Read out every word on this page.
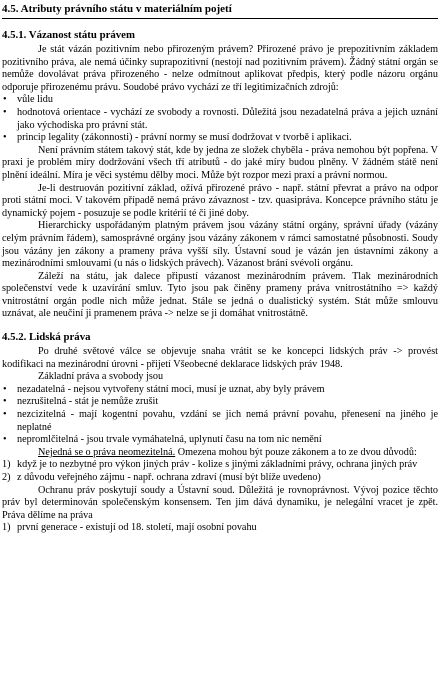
4.5. Atributy právního státu v materiálním pojetí
4.5.1. Vázanost státu právem

Je stát vázán pozitivním nebo přirozeným právem? Přirozené právo je prepozitivním základem pozitivního práva, ale nemá účinky suprapozitivní (nestojí nad pozitivním právem). Žádný státní orgán se nemůže dovolávat práva přirozeného - nelze odmítnout aplikovat předpis, který podle názoru orgánu odporuje přirozenému právu. Soudobé právo vychází ze tří legitimizačních zdrojů:

• vůle lidu
• hodnotová orientace - vychází ze svobody a rovnosti. Důležitá jsou nezadatelná práva a jejich uznání jako východiska pro právní stát.
• princip legality (zákonnosti) - právní normy se musí dodržovat v tvorbě i aplikaci.

Není právním státem takový stát, kde by jedna ze složek chyběla - práva nemohou být popřena. V praxi je problém míry dodržování všech tří atributů - do jaké míry budou plněny. V žádném státě není plnění ideální. Míra je věci systému dělby moci. Může být rozpor mezi praxí a právní normou.

Je-li destruován pozitivní základ, ožívá přirozené právo - např. státní převrat a právo na odpor proti státní moci. V takovém případě nemá právo závaznost - tzv. quasipráva. Koncepce právního státu je dynamický pojem - posuzuje se podle kritérií té či jiné doby.

Hierarchicky uspořádaným platným právem jsou vázány státní orgány, správní úřady (vázány celým právním řádem), samosprávné orgány jsou vázány zákonem v rámci samostatné působnosti. Soudy jsou vázány jen zákony a prameny práva vyšší síly. Ústavní soud je vázán jen ústavními zákony a mezinárodními smlouvami (u nás o lidských právech). Vázanost brání svévoli orgánu.

Záleží na státu, jak dalece připustí vázanost mezinárodním právem. Tlak mezinárodních společenství vede k uzavírání smluv. Tyto jsou pak činěny prameny práva vnitrostátního => každý vnitrostátní orgán podle nich může jednat. Stále se jedná o dualistický systém. Stát může smlouvu uznávat, ale neučiní ji pramenem práva -> nelze se ji domáhat vnitrostátně.

4.5.2. Lidská práva

Po druhé světové válce se objevuje snaha vrátit se ke koncepci lidských práv -> provést kodifikaci na mezinárodní úrovni - přijetí Všeobecné deklarace lidských práv 1948.

Základní práva a svobody jsou

• nezadatelná - nejsou vytvořeny státní moci, musí je uznat, aby byly právem
• nezrušitelná - stát je nemůže zrušit
• nezcizitelná - mají kogentní povahu, vzdání se jich nemá právní povahu, přenesení na jiného je neplatné
• nepromlčitelná - jsou trvale vymáhatelná, uplynutí času na tom nic nemění

Nejedná se o práva neomezitelná. Omezena mohou být pouze zákonem a to ze dvou důvodů:

1) když je to nezbytné pro výkon jiných práv - kolize s jinými základními právy, ochrana jiných práv
2) z důvodu veřejného zájmu - např. ochrana zdraví (musí být blíže uvedeno)

Ochranu práv poskytují soudy a Ústavní soud. Důležitá je rovnoprávnost. Vývoj pozice těchto práv byl determinován společenským konsensem. Ten jim dává dynamiku, je nelegální vracet je zpět. Práva dělíme na práva

1) první generace - existují od 18. století, mají osobní povahu
